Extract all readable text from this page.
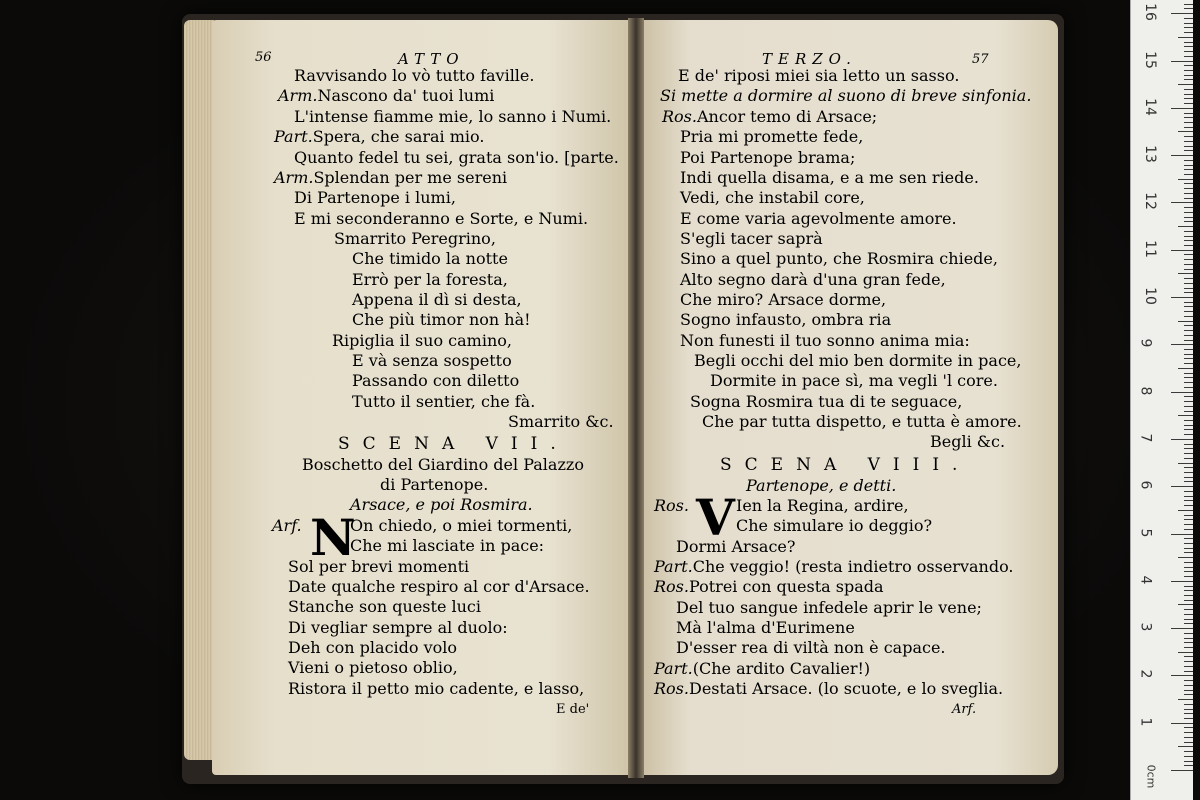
56	ATTO	TERZO.	57
Ravvisando lo vò tutto faville.
Arm.Nascono da' tuoi lumi
L'intense fiamme mie, lo sanno i Numi.
Part.Spera, che sarai mio.
Quanto fedel tu sei, grata son'io. [parte.
Arm.Splendan per me sereni
Di Partenope i lumi,
E mi seconderanno e Sorte, e Numi.
Smarrito Peregrino,
Che timido la notte
Errò per la foresta,
Appena il dì si desta,
Che più timor non hà!
Ripiglia il suo camino,
E và senza sospetto
Passando con diletto
Tutto il sentier, che fà.
Smarrito &c.
E de' riposi miei sia letto un sasso.
Si mette a dormire al suono di breve sinfonia.
Ros.Ancor temo di Arsace;
Pria mi promette fede,
Poi Partenope brama;
Indi quella disama, e a me sen riede.
Vedi, che instabil core,
E come varia agevolmente amore.
S'egli tacer saprà
Sino a quel punto, che Rosmira chiede,
Alto segno darà d'una gran fede,
Che miro? Arsace dorme,
Sogno infausto, ombra ria
Non funesti il tuo sonno anima mia:
Begli occhi del mio ben dormite in pace,
Dormite in pace sì, ma vegli 'l core.
Sogna Rosmira tua di te seguace,
Che par tutta dispetto, e tutta è amore.
Begli &c.
SCENA VII.
Boschetto del Giardino del Palazzo
di Partenope.
Arsace, e poi Rosmira.
Arf. N
On chiedo, o miei tormenti,
Che mi lasciate in pace:
Sol per brevi momenti
Date qualche respiro al cor d'Arsace.
Stanche son queste luci
Di vegliar sempre al duolo:
Deh con placido volo
Vieni o pietoso oblio,
Ristora il petto mio cadente, e lasso,
E de'
SCENA VIII.
Partenope, e detti.
Ros. V Ien la Regina, ardire,
Che simulare io deggio?
Dormi Arsace?
Part.Che veggio! (resta indietro osservando.
Ros.Potrei con questa spada
Del tuo sangue infedele aprir le vene;
Mà l'alma d'Eurimene
D'esser rea di viltà non è capace.
Part.(Che ardito Cavalier!)
Ros.Destati Arsace. (lo scuote, e lo sveglia.
Arf.
1
2
3
4
5
6
7
8
9
10
11
12
13
14
15
16
0cm
